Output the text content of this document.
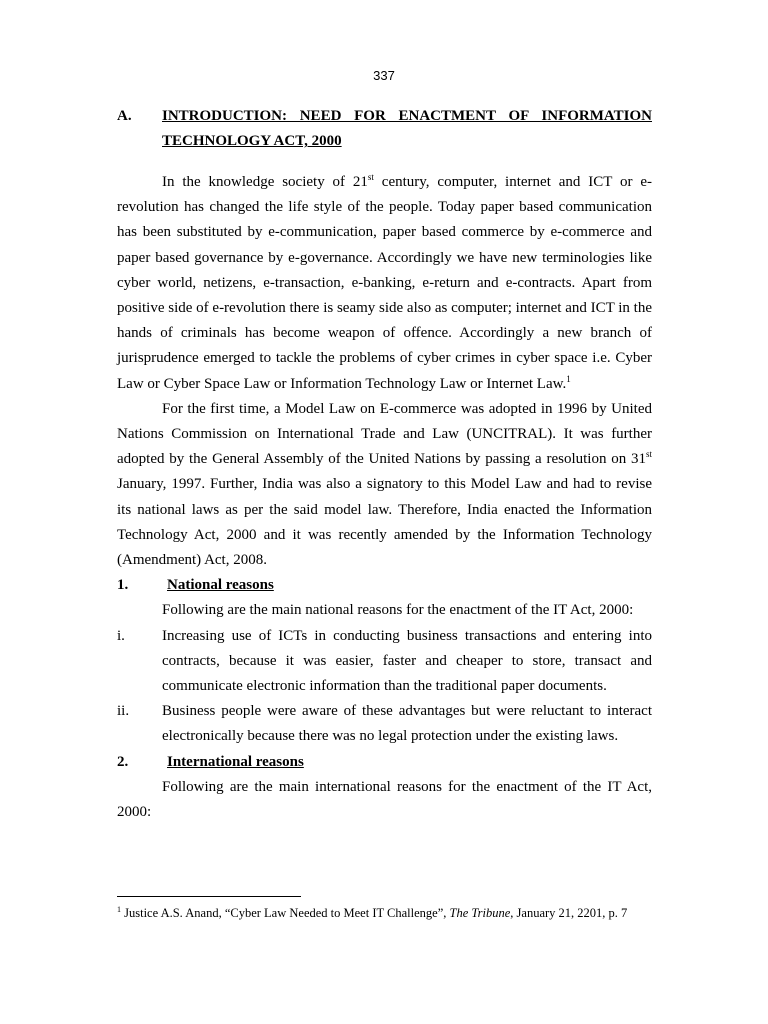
337
A. INTRODUCTION: NEED FOR ENACTMENT OF INFORMATION TECHNOLOGY ACT, 2000

In the knowledge society of 21st century, computer, internet and ICT or e-revolution has changed the life style of the people. Today paper based communication has been substituted by e-communication, paper based commerce by e-commerce and paper based governance by e-governance. Accordingly we have new terminologies like cyber world, netizens, e-transaction, e-banking, e-return and e-contracts. Apart from positive side of e-revolution there is seamy side also as computer; internet and ICT in the hands of criminals has become weapon of offence. Accordingly a new branch of jurisprudence emerged to tackle the problems of cyber crimes in cyber space i.e. Cyber Law or Cyber Space Law or Information Technology Law or Internet Law.$^1$

For the first time, a Model Law on E-commerce was adopted in 1996 by United Nations Commission on International Trade and Law (UNCITRAL). It was further adopted by the General Assembly of the United Nations by passing a resolution on 31st January, 1997. Further, India was also a signatory to this Model Law and had to revise its national laws as per the said model law. Therefore, India enacted the Information Technology Act, 2000 and it was recently amended by the Information Technology (Amendment) Act, 2008.

1.	National reasons

Following are the main national reasons for the enactment of the IT Act, 2000:

i.	Increasing use of ICTs in conducting business transactions and entering into contracts, because it was easier, faster and cheaper to store, transact and communicate electronic information than the traditional paper documents.
ii.	Business people were aware of these advantages but were reluctant to interact electronically because there was no legal protection under the existing laws.

2.	International reasons

Following are the main international reasons for the enactment of the IT Act, 2000:

$^1$ Justice A.S. Anand, “Cyber Law Needed to Meet IT Challenge”, The Tribune, January 21, 2201, p. 7
